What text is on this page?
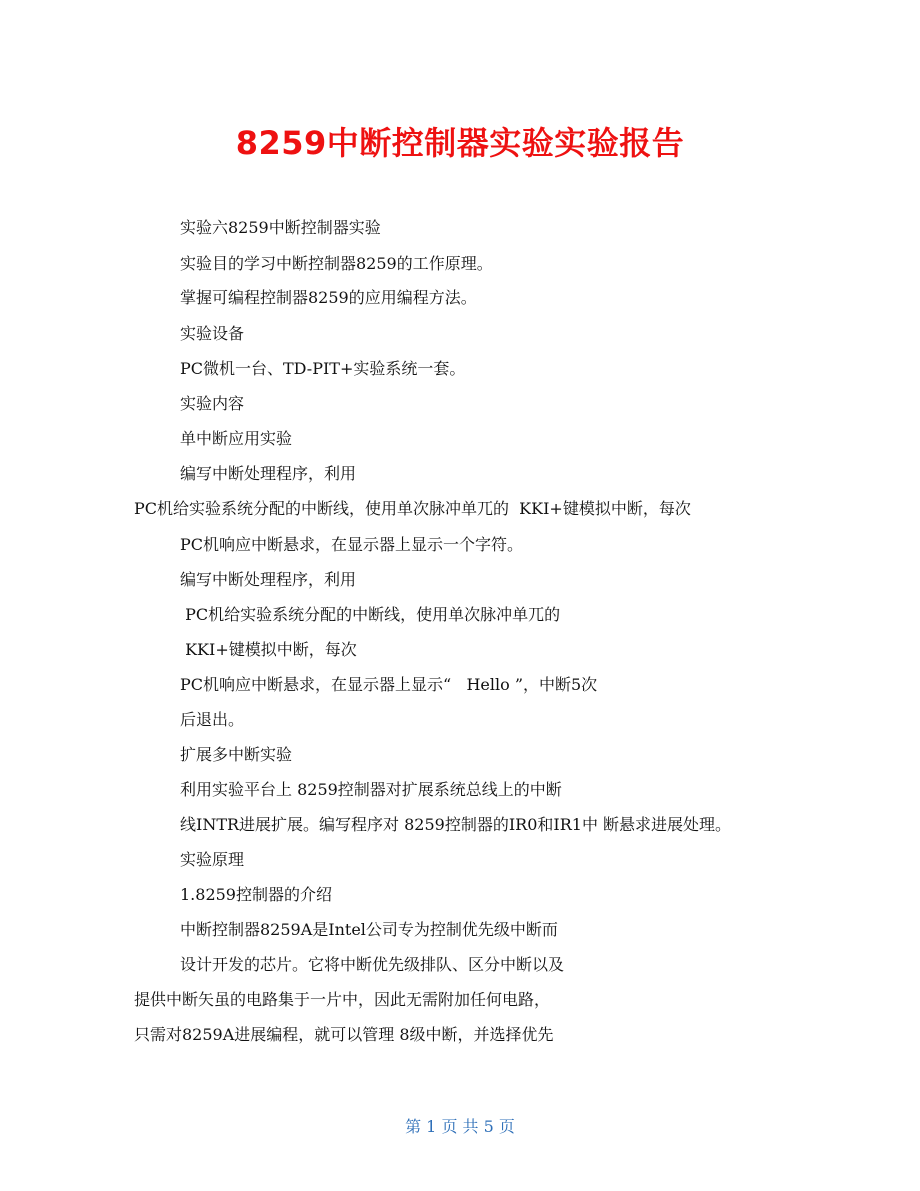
8259中断控制器实验实验报告
实验六8259中断控制器实验
实验目的学习中断控制器8259的工作原理。
掌握可编程控制器8259的应用编程方法。
实验设备
PC微机一台、TD-PIT+实验系统一套。
实验内容
单中断应用实验
编写中断处理程序，利用
PC机给实验系统分配的中断线，使用单次脉冲单兀的  KKI+键模拟中断，每次
PC机响应中断悬求，在显示器上显示一个字符。
编写中断处理程序，利用
PC机给实验系统分配的中断线，使用单次脉冲单兀的
KKI+键模拟中断，每次
PC机响应中断悬求，在显示器上显示“   Hello ”，中断5次
后退出。
扩展多中断实验
利用实验平台上 8259控制器对扩展系统总线上的中断
线INTR进展扩展。编写程序对 8259控制器的IR0和IR1中 断悬求进展处理。
实验原理
1.8259控制器的介绍
中断控制器8259A是Intel公司专为控制优先级中断而
设计开发的芯片。它将中断优先级排队、区分中断以及
提供中断矢虽的电路集于一片中，因此无需附加任何电路，
只需对8259A进展编程，就可以管理 8级中断，并选择优先
第 1 页 共 5 页
